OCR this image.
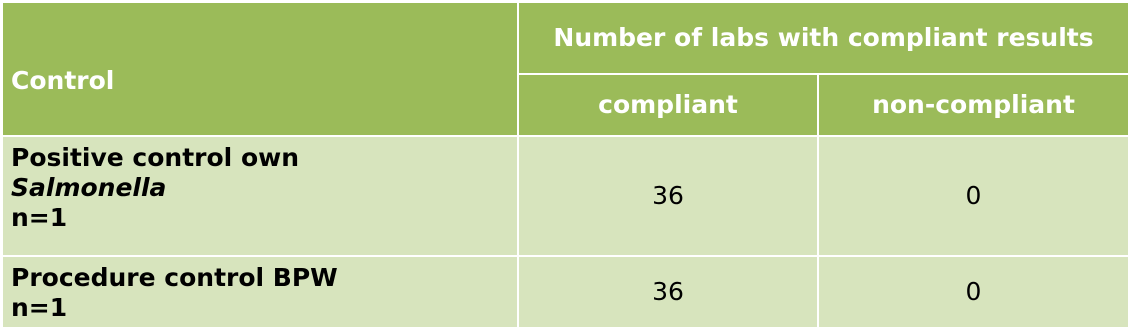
Control	Number of labs with compliant results	
	compliant	non-compliant

Positive control own
Salmonella
n=1	36	0

Procedure control BPW
n=1	36	0
